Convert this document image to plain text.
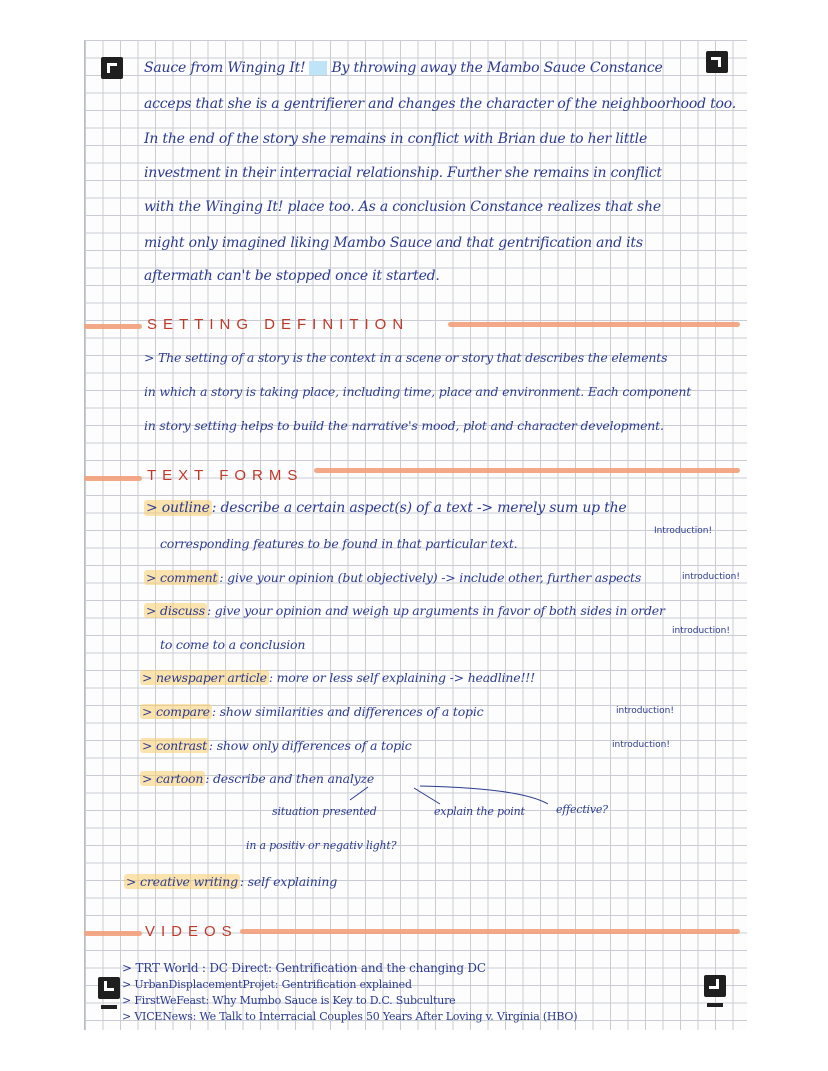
Sauce from Winging It! By throwing away the Mambo Sauce Constance
acceps that she is a gentrifierer and changes the character of the neighboorhood too.
In the end of the story she remains in conflict with Brian due to her little
investment in their interracial relationship. Further she remains in conflict
with the Winging It! place too. As a conclusion Constance realizes that she
might only imagined liking Mambo Sauce and that gentrification and its
aftermath can't be stopped once it started.
SETTING DEFINITION
> The setting of a story is the context in a scene or story that describes the elements
in which a story is taking place, including time, place and environment. Each component
in story setting helps to build the narrative's mood, plot and character development.
TEXT FORMS
> outline : describe a certain aspect(s) of a text -> merely sum up the
Introduction!
corresponding features to be found in that particular text.
> comment : give your opinion (but objectively) -> include other, further aspects	introduction!
> discuss : give your opinion and weigh up arguments in favor of both sides in order
introduction!
to come to a conclusion
> newspaper article : more or less self explaining -> headline!!!
> compare : show similarities and differences of a topic	introduction!
> contrast : show only differences of a topic	introduction!
> cartoon : describe and then analyze
situation presented	explain the point	effective?
in a positiv or negativ light?
> creative writing : self explaining
VIDEOS
> TRT World : DC Direct: Gentrification and the changing DC
> UrbanDisplacementProjet: Gentrification explained
> FirstWeFeast: Why Mumbo Sauce is Key to D.C. Subculture
> VICENews: We Talk to Interracial Couples 50 Years After Loving v. Virginia (HBO)
